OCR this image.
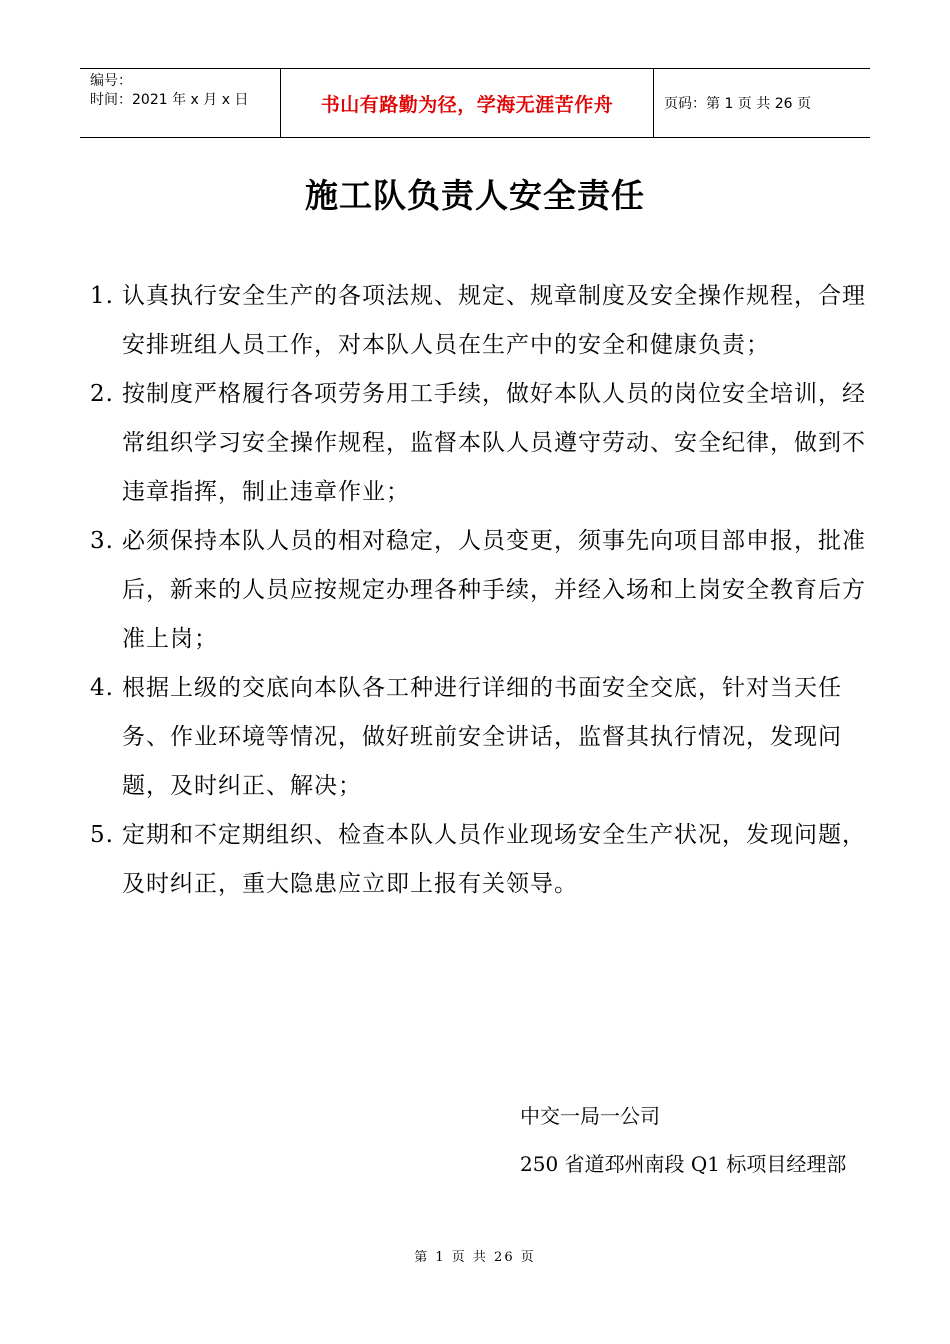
编号：
时间：2021 年 x 月 x 日	书山有路勤为径，学海无涯苦作舟	页码：第 1 页 共 26 页
施工队负责人安全责任
1. 认真执行安全生产的各项法规、规定、规章制度及安全操作规程，合理安排班组人员工作，对本队人员在生产中的安全和健康负责；
2. 按制度严格履行各项劳务用工手续，做好本队人员的岗位安全培训，经常组织学习安全操作规程，监督本队人员遵守劳动、安全纪律，做到不违章指挥，制止违章作业；
3. 必须保持本队人员的相对稳定，人员变更，须事先向项目部申报，批准后，新来的人员应按规定办理各种手续，并经入场和上岗安全教育后方准上岗；
4. 根据上级的交底向本队各工种进行详细的书面安全交底，针对当天任务、作业环境等情况，做好班前安全讲话，监督其执行情况，发现问题，及时纠正、解决；
5. 定期和不定期组织、检查本队人员作业现场安全生产状况，发现问题，及时纠正，重大隐患应立即上报有关领导。
中交一局一公司
250 省道邳州南段 Q1 标项目经理部
第 1 页 共 26 页
